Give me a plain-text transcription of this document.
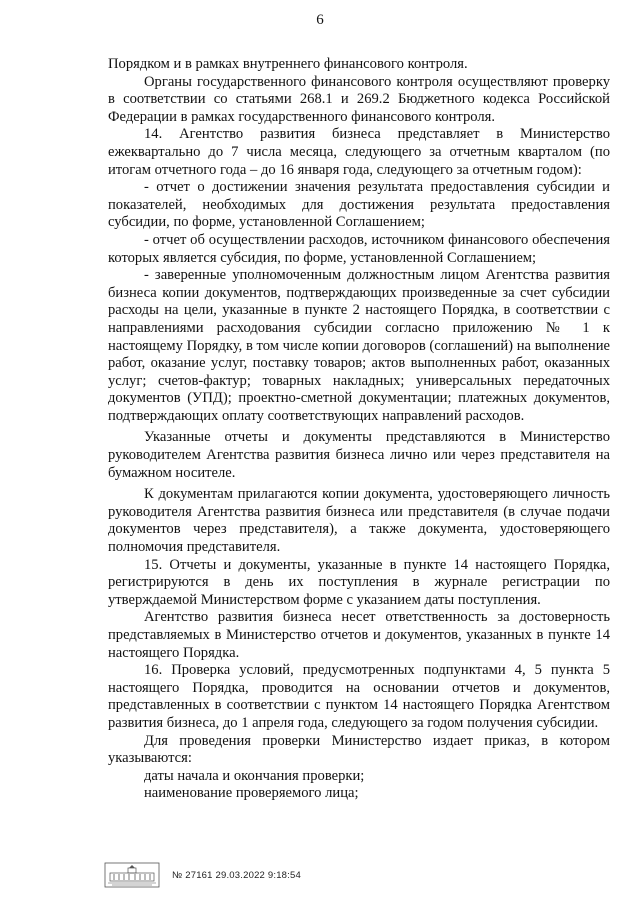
6

Порядком и в рамках внутреннего финансового контроля.

Органы государственного финансового контроля осуществляют проверку в соответствии со статьями 268.1 и 269.2 Бюджетного кодекса Российской Федерации в рамках государственного финансового контроля.

14. Агентство развития бизнеса представляет в Министерство ежеквартально до 7 числа месяца, следующего за отчетным кварталом (по итогам отчетного года – до 16 января года, следующего за отчетным годом):

- отчет о достижении значения результата предоставления субсидии и показателей, необходимых для достижения результата предоставления субсидии, по форме, установленной Соглашением;

- отчет об осуществлении расходов, источником финансового обеспечения которых является субсидия, по форме, установленной Соглашением;

- заверенные уполномоченным должностным лицом Агентства развития бизнеса копии документов, подтверждающих произведенные за счет субсидии расходы на цели, указанные в пункте 2 настоящего Порядка, в соответствии с направлениями расходования субсидии согласно приложению № 1 к настоящему Порядку, в том числе копии договоров (соглашений) на выполнение работ, оказание услуг, поставку товаров; актов выполненных работ, оказанных услуг; счетов-фактур; товарных накладных; универсальных передаточных документов (УПД); проектно-сметной документации; платежных документов, подтверждающих оплату соответствующих направлений расходов.

Указанные отчеты и документы представляются в Министерство руководителем Агентства развития бизнеса лично или через представителя на бумажном носителе.

К документам прилагаются копии документа, удостоверяющего личность руководителя Агентства развития бизнеса или представителя (в случае подачи документов через представителя), а также документа, удостоверяющего полномочия представителя.

15. Отчеты и документы, указанные в пункте 14 настоящего Порядка, регистрируются в день их поступления в журнале регистрации по утверждаемой Министерством форме с указанием даты поступления.

Агентство развития бизнеса несет ответственность за достоверность представляемых в Министерство отчетов и документов, указанных в пункте 14 настоящего Порядка.

16. Проверка условий, предусмотренных подпунктами 4, 5 пункта 5 настоящего Порядка, проводится на основании отчетов и документов, представленных в соответствии с пунктом 14 настоящего Порядка Агентством развития бизнеса, до 1 апреля года, следующего за годом получения субсидии.

Для проведения проверки Министерство издает приказ, в котором указываются:

даты начала и окончания проверки;

наименование проверяемого лица;

№ 27161 29.03.2022 9:18:54
